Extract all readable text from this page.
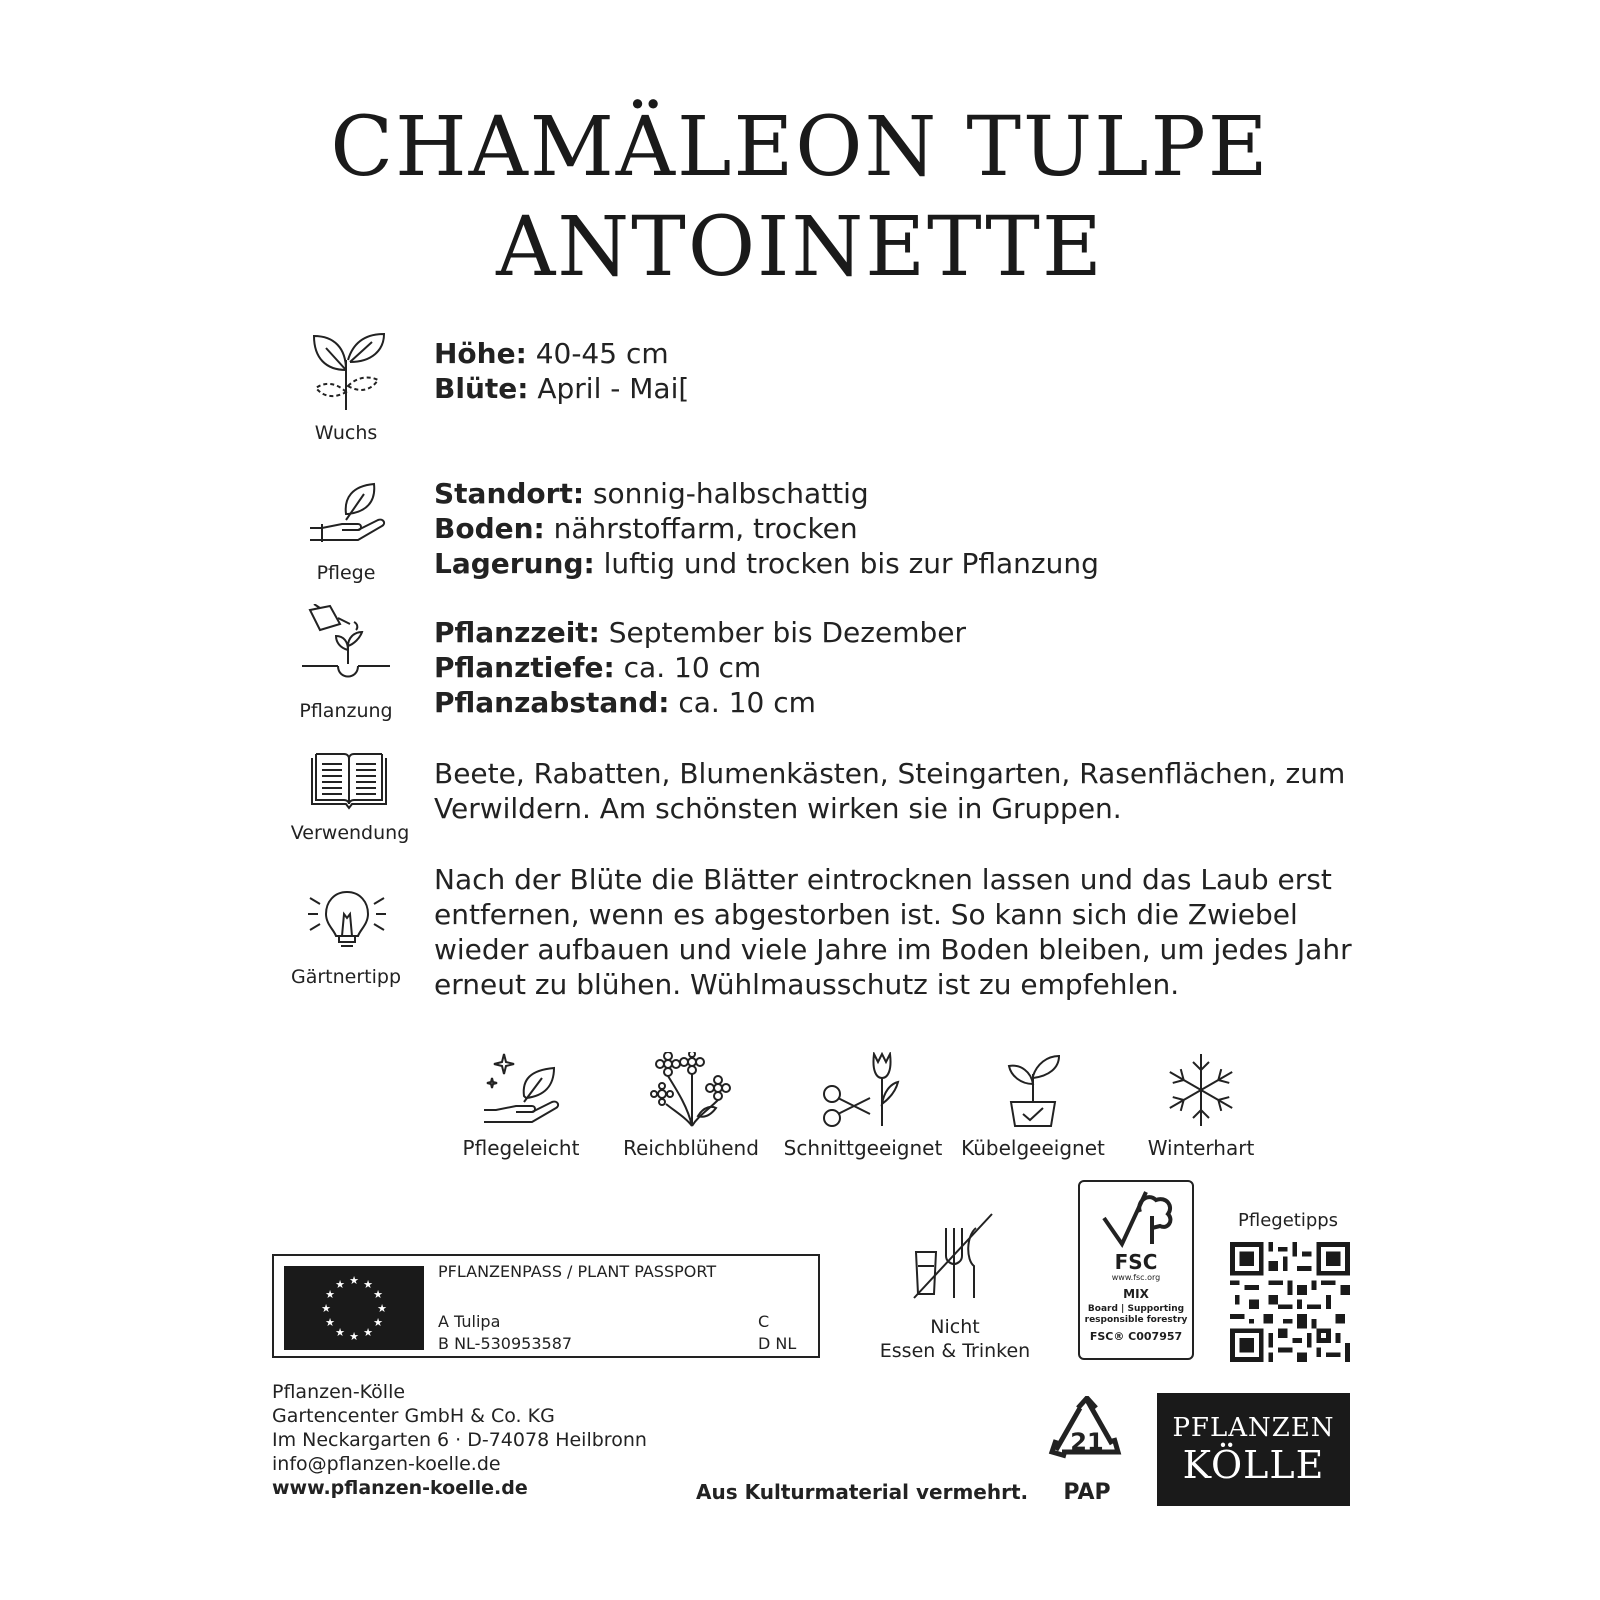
CHAMÄLEON TULPE
ANTOINETTE
Wuchs
Höhe: 40-45 cm
Blüte: April - Mai[
Pflege
Standort: sonnig-halbschattig
Boden: nährstoffarm, trocken
Lagerung: luftig und trocken bis zur Pflanzung
Pflanzung
Pflanzzeit: September bis Dezember
Pflanztiefe: ca. 10 cm
Pflanzabstand: ca. 10 cm
Verwendung
Beete, Rabatten, Blumenkästen, Steingarten, Rasenflächen, zum
Verwildern. Am schönsten wirken sie in Gruppen.
Gärtnertipp
Nach der Blüte die Blätter eintrocknen lassen und das Laub erst
entfernen, wenn es abgestorben ist. So kann sich die Zwiebel
wieder aufbauen und viele Jahre im Boden bleiben, um jedes Jahr
erneut zu blühen. Wühlmausschutz ist zu empfehlen.
Pflegeleicht	Reichblühend	Schnittgeeignet Kübelgeeignet	Winterhart
★ ★
★
★
★
★
★
★
★
★
★
★
PFLANZENPASS / PLANT PASSPORT
A Tulipa
B NL-530953587
C
D NL
Nicht
Essen & Trinken
FSC
www.fsc.org
MIX
Board | Supporting
responsible forestry
FSC® C007957
Pflegetipps
Pflanzen-Kölle
Gartencenter GmbH & Co. KG
Im Neckargarten 6 · D-74078 Heilbronn
info@pflanzen-koelle.de
www.pflanzen-koelle.de	Aus Kulturmaterial vermehrt.
21
PAP
PFLANZEN
KÖLLE
